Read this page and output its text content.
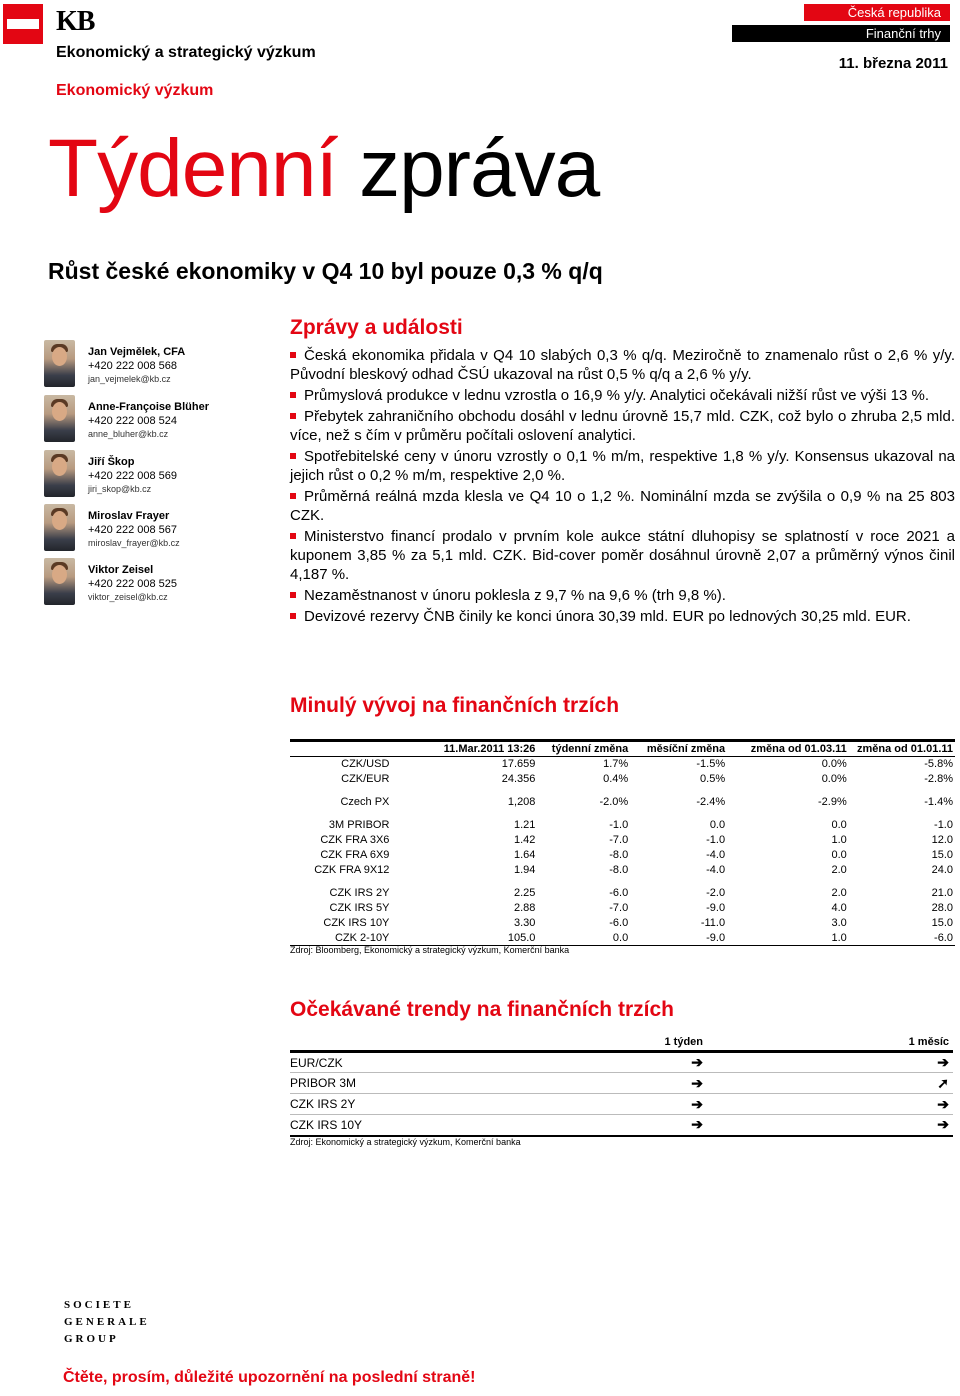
KB
Ekonomický a strategický výzkum
Ekonomický výzkum
Česká republika
Finanční trhy
11. března 2011
Týdenní zpráva
Růst české ekonomiky v Q4 10 byl pouze 0,3 % q/q
Jan Vejmělek, CFA
+420 222 008 568
jan_vejmelek@kb.cz
Anne-Françoise Blüher
+420 222 008 524
anne_bluher@kb.cz
Jiří Škop
+420 222 008 569
jiri_skop@kb.cz
Miroslav Frayer
+420 222 008 567
miroslav_frayer@kb.cz
Viktor Zeisel
+420 222 008 525
viktor_zeisel@kb.cz
Zprávy a události
Česká ekonomika přidala v Q4 10 slabých 0,3 % q/q. Meziročně to znamenalo růst o 2,6 % y/y. Původní bleskový odhad ČSÚ ukazoval na růst 0,5 % q/q a 2,6 % y/y.
Průmyslová produkce v lednu vzrostla o 16,9 % y/y. Analytici očekávali nižší růst ve výši 13 %.
Přebytek zahraničního obchodu dosáhl v lednu úrovně 15,7 mld. CZK, což bylo o zhruba 2,5 mld. více, než s čím v průměru počítali oslovení analytici.
Spotřebitelské ceny v únoru vzrostly o 0,1 % m/m, respektive 1,8 % y/y. Konsensus ukazoval na jejich růst o 0,2 % m/m, respektive 2,0 %.
Průměrná reálná mzda klesla ve Q4 10 o 1,2 %. Nominální mzda se zvýšila o 0,9 % na 25 803 CZK.
Ministerstvo financí prodalo v prvním kole aukce státní dluhopisy se splatností v roce 2021 a kuponem 3,85 % za 5,1 mld. CZK. Bid-cover poměr dosáhnul úrovně 2,07 a průměrný výnos činil 4,187 %.
Nezaměstnanost v únoru poklesla z 9,7 % na 9,6 % (trh 9,8 %).
Devizové rezervy ČNB činily ke konci února 30,39 mld. EUR po lednových 30,25 mld. EUR.
Minulý vývoj na finančních trzích
	11.Mar.2011 13:26	týdenní změna	měsíční změna	změna od 01.03.11	změna od 01.01.11
CZK/USD	17.659	1.7%	-1.5%	0.0%	-5.8%
CZK/EUR	24.356	0.4%	0.5%	0.0%	-2.8%

Czech PX	1,208	-2.0%	-2.4%	-2.9%	-1.4%

3M PRIBOR	1.21	-1.0	0.0	0.0	-1.0
CZK FRA 3X6	1.42	-7.0	-1.0	1.0	12.0
CZK FRA 6X9	1.64	-8.0	-4.0	0.0	15.0
CZK FRA 9X12	1.94	-8.0	-4.0	2.0	24.0

CZK IRS 2Y	2.25	-6.0	-2.0	2.0	21.0
CZK IRS 5Y	2.88	-7.0	-9.0	4.0	28.0
CZK IRS 10Y	3.30	-6.0	-11.0	3.0	15.0
CZK 2-10Y	105.0	0.0	-9.0	1.0	-6.0
Zdroj: Bloomberg, Ekonomický a strategický výzkum, Komerční banka
Očekávané trendy na finančních trzích
	1 týden	1 měsíc
EUR/CZK	➔	➔
PRIBOR 3M	➔	➚
CZK IRS 2Y	➔	➔
CZK IRS 10Y	➔	➔
Zdroj: Ekonomický a strategický výzkum, Komerční banka
SOCIETE
GENERALE
GROUP
Čtěte, prosím, důležité upozornění na poslední straně!
